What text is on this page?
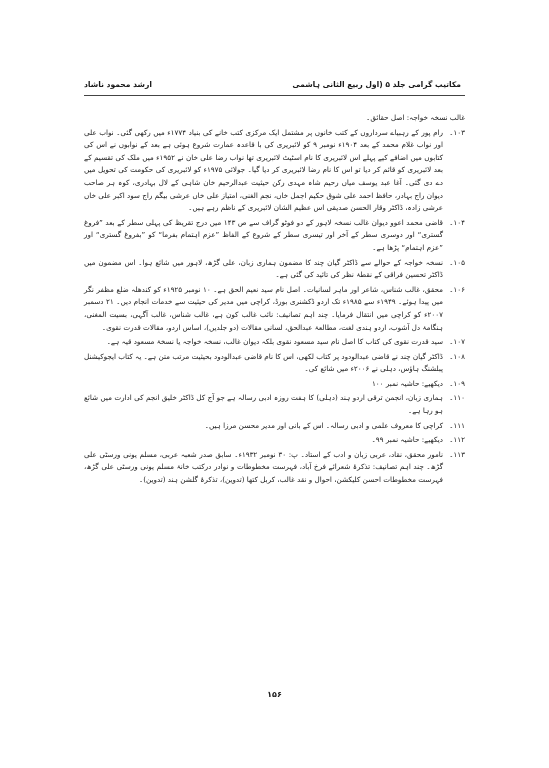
مکاتیب گرامی جلد ۵ (اول ربیع الثانی ہاشمی
ارشد محمود ناشاد

غالب نسخہ خواجہ: اصل حقائق۔

۱۰۳۔
رام پور کے رہبیاے سرداروں کے کتب خانوں پر مشتمل ایک مرکزی کتب خانے کی بنیاد ۱۷۷۴ء میں رکھی گئی۔ نواب علی اور نواب غلام محمد کے بعد ۱۹۰۴ء نومبر ۹ کو لائبریری کی با قاعدہ عمارت شروع ہوئی ہے بعد کے نوابوں نے اس کی کتابوں میں اضافے کیے پہلے اس لائبریری کا نام اسٹیٹ لائبریری تھا نواب رضا علی خان نے ۱۹۵۲ء میں ملک کی تقسیم کے بعد لائبریری کو قائم کر دیا تو اس کا نام رضا لائبریری کر دیا گیا۔ جولائی ۱۹۷۵ء کو لائبریری کی حکومت کی تحویل میں دے دی گئی۔ آغا عبد یوسف میاں رحیم شاہ مہدی رکن حیثیت عبدالرحیم خان شاہی کے لال بہادری، کوہ ہر صاحب دیوان راج بہادر، حافظ احمد علی شوق حکیم اجمل خاں، نجم الغنی، امتیاز علی خاں عرشی بیگم راج سود اکبر علی خاں عرشی زادہ، ڈاکٹر وقار الحسن صدیقی اس عظیم الشان لائبریری کے ناظم رہے ہیں۔
۱۰۴۔
قاضی محمد اعوو دیوان غالب نسخہ لاہور کے دو فوٹو گراف سے ص ۱۴۳ میں درج تقریظ کی پہلی سطر کے بعد ”فروغ گستری“ اور دوسری سطر کے آخر اور تیسری سطر کے شروع کے الفاظ ”عزم اہتمام بفرما“ کو ”بفروغ گستری“ اور ”عزم اہتمام“ پڑھا ہے۔
۱۰۵۔
نسخہ خواجہ کے حوالے سے ڈاکٹر گیان چند کا مضمون ہماری زبان، علی گڑھ، لاہور میں شائع ہوا۔ اس مضمون میں ڈاکٹر تحسین فراقی کے نقطۂ نظر کی تائید کی گئی ہے۔
۱۰۶۔
محقق، غالب شناس، شاعر اور ماہر لسانیات۔ اصل نام سید نعیم الحق ہے۔ ۱۰ نومبر ۱۹۲۵ء کو کندھلہ ضلع مظفر نگر میں پیدا ہوئے۔ ۱۹۴۹ء سے ۱۹۸۵ء تک اردو ڈکشنری بورڈ، کراچی میں مدیر کی حیثیت سے خدمات انجام دیں۔ ۲۱ دسمبر ۲۰۰۷ء کو کراچی میں انتقال فرمایا۔ چند اہم تصانیف: نائب غالب کون ہے، غالب شناس، غالب آگہی، بسیت المغنی، ہنگامۂ دل آشوب، اردو ہندی لغت، مطالعۂ عبدالحق، لسانی مقالات (دو جلدیں)، اساس اردو، مقالات قدرت نقوی۔
۱۰۷۔
سید قدرت نقوی کی کتاب کا اصل نام سید مسعود نقوی بلکہ دیوان غالب، نسخہ خواجہ یا نسخۂ مسعود قیہ ہے۔
۱۰۸۔
ڈاکٹر گیان چند نے قاضی عبدالودود پر کتاب لکھی، اس کا نام قاضی عبدالودود بحیثیت مرتب متن ہے۔ یہ کتاب ایجوکیشنل پبلشنگ ہاؤس، دہلی نے ۲۰۰۶ء میں شائع کی۔
۱۰۹۔
دیکھیے: حاشیہ نمبر ۱۰۰
۱۱۰۔
ہماری زبان، انجمن ترقی اردو ہند (دہلی) کا ہفت روزہ ادبی رسالہ ہے جو آج کل ڈاکٹر خلیق انجم کی ادارت میں شائع ہو رہا ہے۔
۱۱۱۔
کراچی کا معروف علمی و ادبی رسالہ۔ اس کے بانی اور مدیر محسن مرزا ہیں۔
۱۱۲۔
دیکھیے: حاشیہ نمبر ۹۹۔
۱۱۳۔
نامور محقق، نقاد، عربی زبان و ادب کے استاد۔ پ: ۳۰ نومبر ۱۹۳۲ء۔ سابق صدر شعبہ عربی، مسلم یونی ورسٹی علی گڑھ۔ چند اہم تصانیف: تذکرۂ شعرائے فرخ آباد، فہرست مخطوطات و نوادر درکتب خانۂ مسلم یونی ورسٹی علی گڑھ، فہرست مخطوطات احسن کلیکشن، احوال و نقد غالب، کربل کتھا (تدوین)، تذکرۂ گلشن ہند (تدوین)۔
۱۵۶
